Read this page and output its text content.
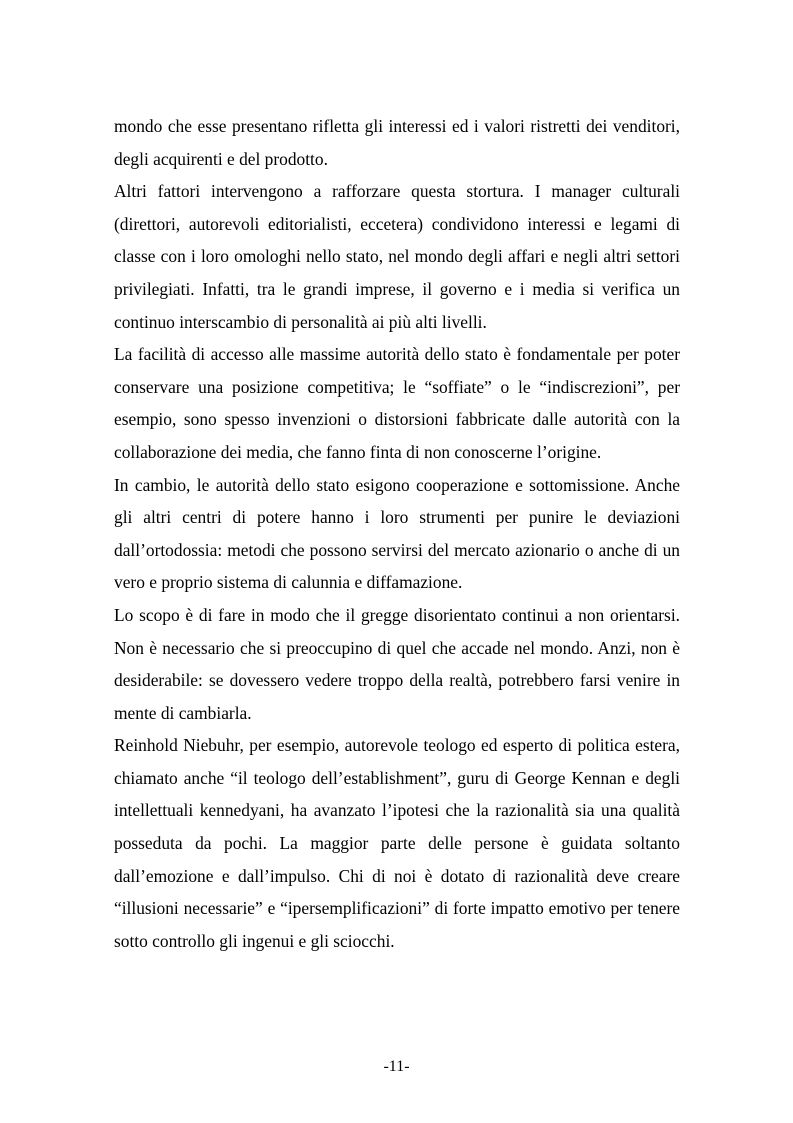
mondo che esse presentano rifletta gli interessi ed i valori ristretti dei venditori, degli acquirenti e del prodotto.

Altri fattori intervengono a rafforzare questa stortura. I manager culturali (direttori, autorevoli editorialisti, eccetera) condividono interessi e legami di classe con i loro omologhi nello stato, nel mondo degli affari e negli altri settori privilegiati. Infatti, tra le grandi imprese, il governo e i media si verifica un continuo interscambio di personalità ai più alti livelli.

La facilità di accesso alle massime autorità dello stato è fondamentale per poter conservare una posizione competitiva; le “soffiate” o le “indiscrezioni”, per esempio, sono spesso invenzioni o distorsioni fabbricate dalle autorità con la collaborazione dei media, che fanno finta di non conoscerne l’origine.

In cambio, le autorità dello stato esigono cooperazione e sottomissione. Anche gli altri centri di potere hanno i loro strumenti per punire le deviazioni dall’ortodossia: metodi che possono servirsi del mercato azionario o anche di un vero e proprio sistema di calunnia e diffamazione.

Lo scopo è di fare in modo che il gregge disorientato continui a non orientarsi. Non è necessario che si preoccupino di quel che accade nel mondo. Anzi, non è desiderabile: se dovessero vedere troppo della realtà, potrebbero farsi venire in mente di cambiarla.

Reinhold Niebuhr, per esempio, autorevole teologo ed esperto di politica estera, chiamato anche “il teologo dell’establishment”, guru di George Kennan e degli intellettuali kennedyani, ha avanzato l’ipotesi che la razionalità sia una qualità posseduta da pochi. La maggior parte delle persone è guidata soltanto dall’emozione e dall’impulso. Chi di noi è dotato di razionalità deve creare “illusioni necessarie” e “ipersemplificazioni” di forte impatto emotivo per tenere sotto controllo gli ingenui e gli sciocchi.

-11-
